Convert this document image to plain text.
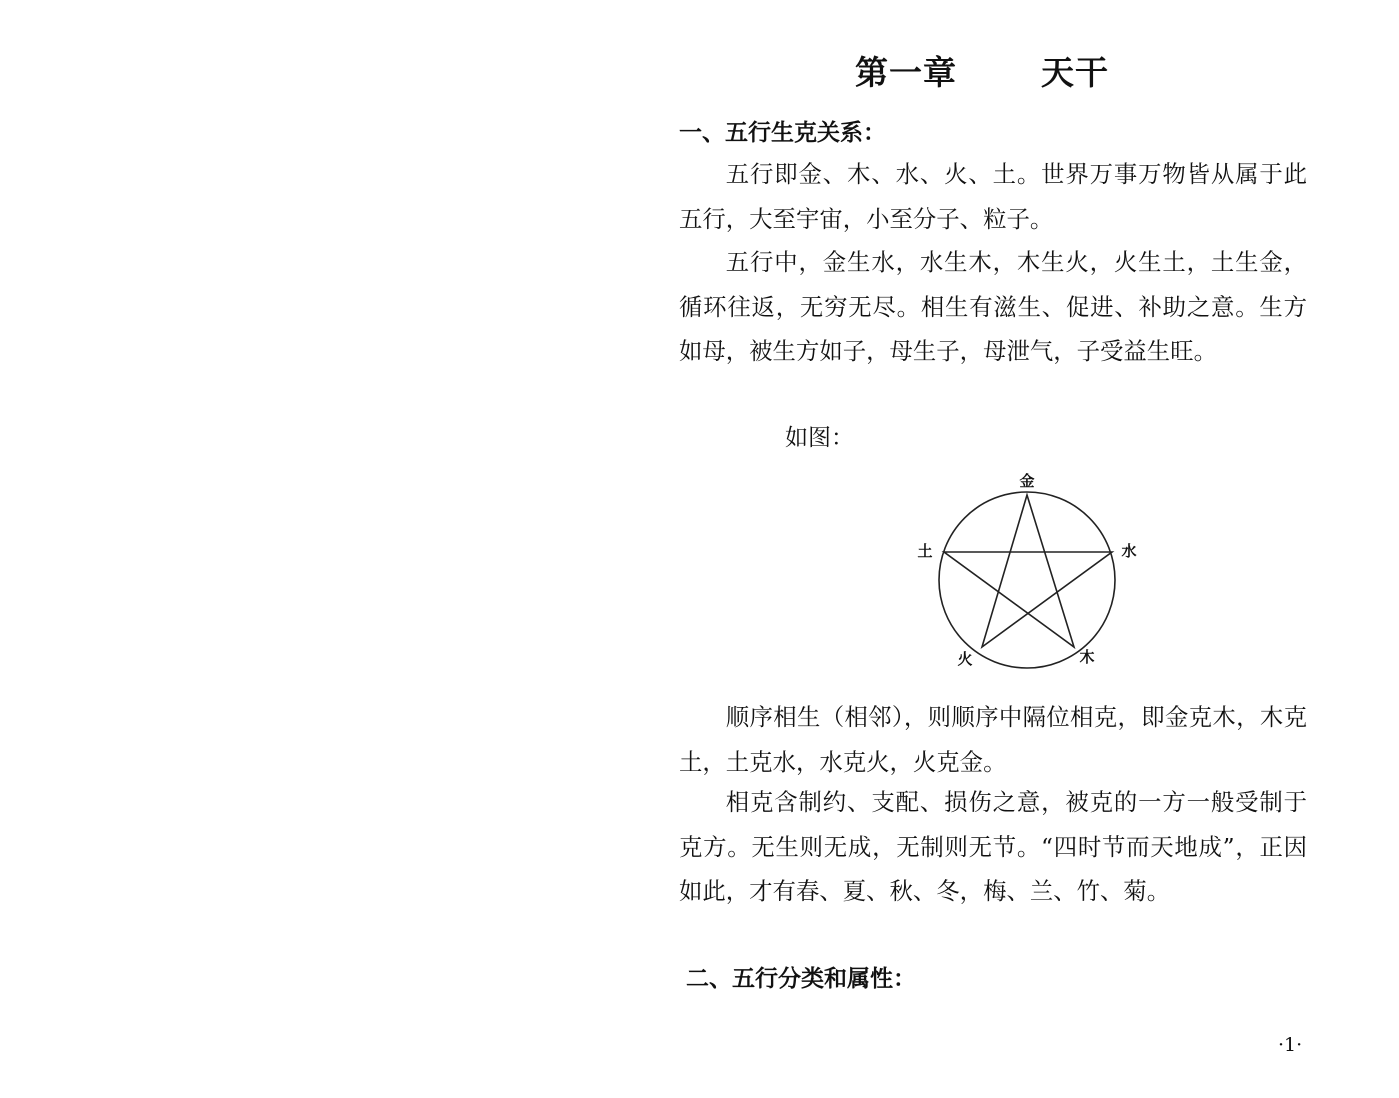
第一章	天干
一、五行生克关系：

五行即金、木、水、火、土。世界万事万物皆从属于此五行，大至宇宙，小至分子、粒子。

五行中，金生水，水生木，木生火，火生土，土生金，循环往返，无穷无尽。相生有滋生、促进、补助之意。生方如母，被生方如子，母生子，母泄气，子受益生旺。

如图：
金
水
木
火
土

顺序相生（相邻），则顺序中隔位相克，即金克木，木克土，土克水，水克火，火克金。

相克含制约、支配、损伤之意，被克的一方一般受制于克方。无生则无成，无制则无节。“四时节而天地成”，正因如此，才有春、夏、秋、冬，梅、兰、竹、菊。

二、五行分类和属性：
·1·
